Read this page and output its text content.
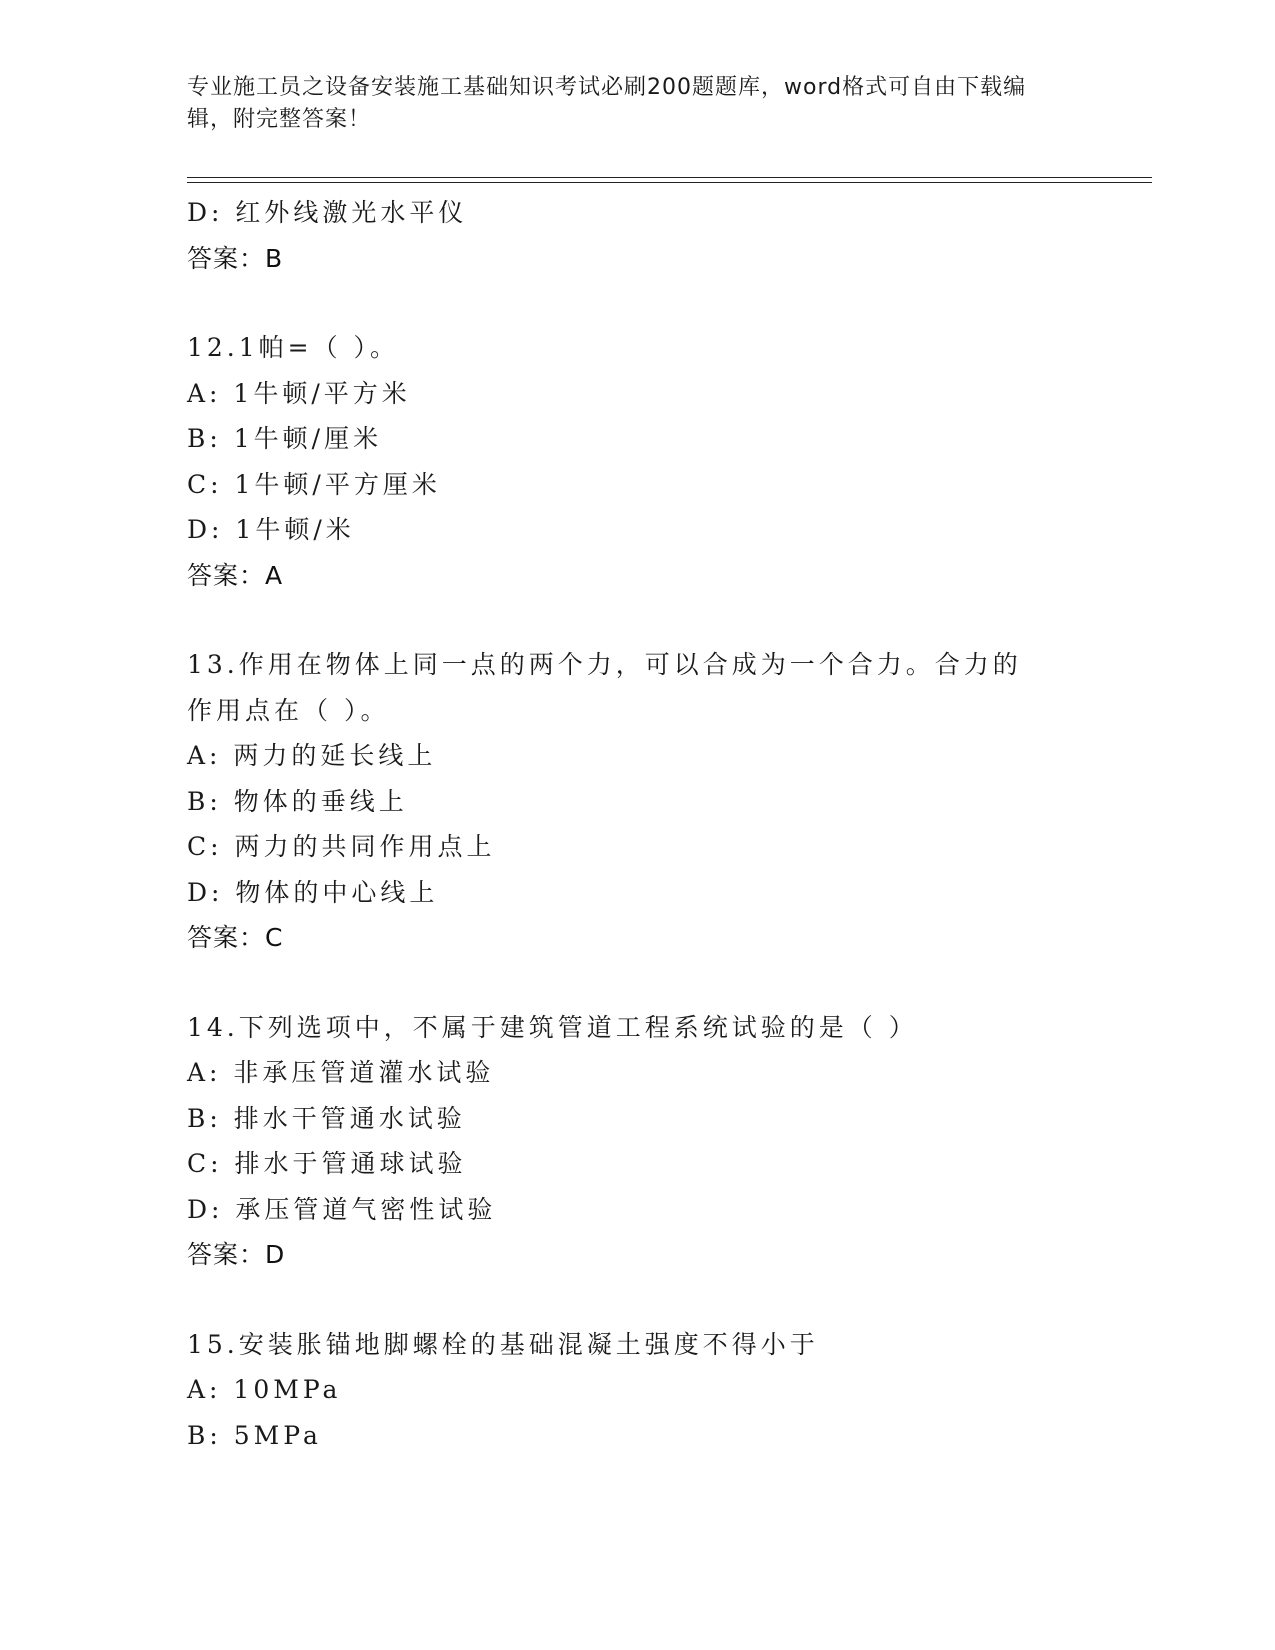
专业施工员之设备安装施工基础知识考试必刷200题题库，word格式可自由下载编辑，附完整答案！
D: 红外线激光水平仪
答案：B
12.1帕=（ ）。
A: 1牛顿/平方米
B: 1牛顿/厘米
C: 1牛顿/平方厘米
D: 1牛顿/米
答案：A
13.作用在物体上同一点的两个力，可以合成为一个合力。合力的作用点在（ ）。
A: 两力的延长线上
B: 物体的垂线上
C: 两力的共同作用点上
D: 物体的中心线上
答案：C
14.下列选项中，不属于建筑管道工程系统试验的是（ ）
A: 非承压管道灌水试验
B: 排水干管通水试验
C: 排水于管通球试验
D: 承压管道气密性试验
答案：D
15.安装胀锚地脚螺栓的基础混凝土强度不得小于
A: 10MPa
B: 5MPa
